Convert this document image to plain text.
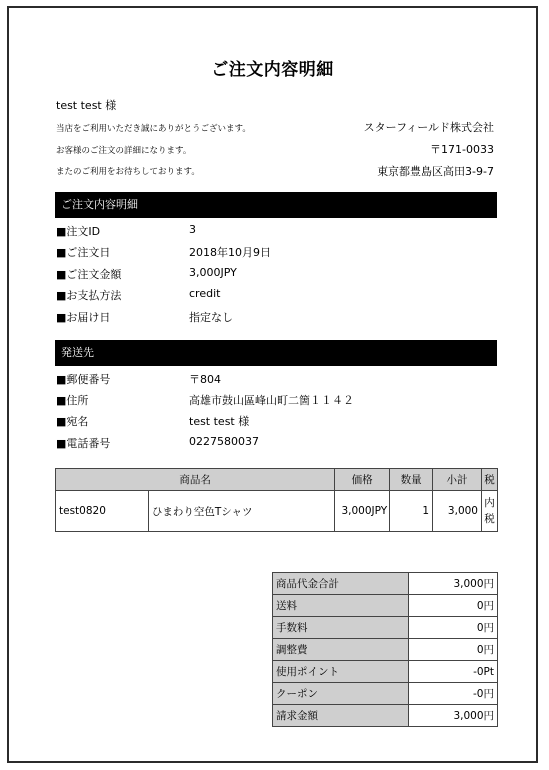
ご注文内容明細
test test 様
当店をご利用いただき誠にありがとうございます。
お客様のご注文の詳細になります。
またのご利用をお待ちしております。
スターフィールド株式会社
〒171-0033
東京都豊島区高田3-9-7
ご注文内容明細
■注文ID	3
■ご注文日	2018年10月9日
■ご注文金額	3,000JPY
■お支払方法	credit
■お届け日	指定なし
発送先
■郵便番号	〒804
■住所	高雄市鼓山區峰山町二箇１１４２
■宛名	test test 様
■電話番号	0227580037
商品名		価格	数量	小計	税
test0820	ひまわり空色Tシャツ	3,000JPY	1	3,000	内税
商品代金合計	3,000円
送料	0円
手数料	0円
調整費	0円
使用ポイント	-0Pt
クーポン	-0円
請求金額	3,000円
